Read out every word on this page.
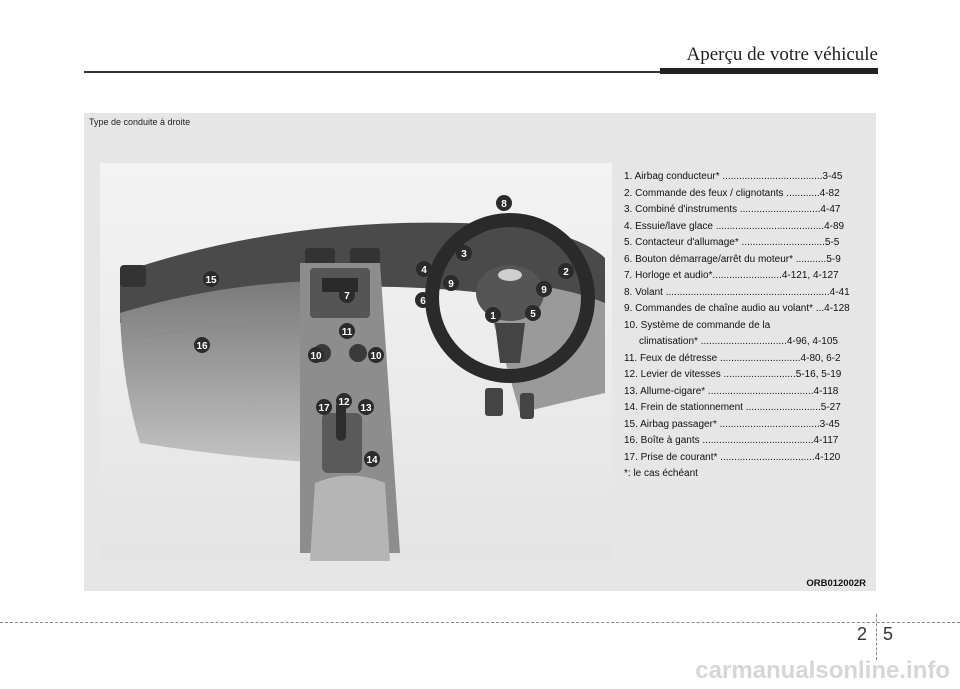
Aperçu de votre véhicule
Type de conduite à droite
1
2
3
4
5
6
7
8
9
9
10	10
11
12
13
14
15
16
17
1. Airbag conducteur* ....................................3-45
2. Commande des feux / clignotants ............4-82
3. Combiné d'instruments .............................4-47
4. Essuie/lave glace .......................................4-89
5. Contacteur d'allumage* ..............................5-5
6. Bouton démarrage/arrêt du moteur* ...........5-9
7. Horloge et audio*.........................4-121, 4-127
8. Volant ...........................................................4-41
9. Commandes de chaîne audio au volant* ...4-128
10. Système de commande de la
climatisation* ...............................4-96, 4-105
11. Feux de détresse .............................4-80, 6-2
12. Levier de vitesses ..........................5-16, 5-19
13. Allume-cigare* ......................................4-118
14. Frein de stationnement ...........................5-27
15. Airbag passager* ....................................3-45
16. Boîte à gants ........................................4-117
17. Prise de courant* ..................................4-120
*: le cas échéant
ORB012002R
2 5
carmanualsonline.info
